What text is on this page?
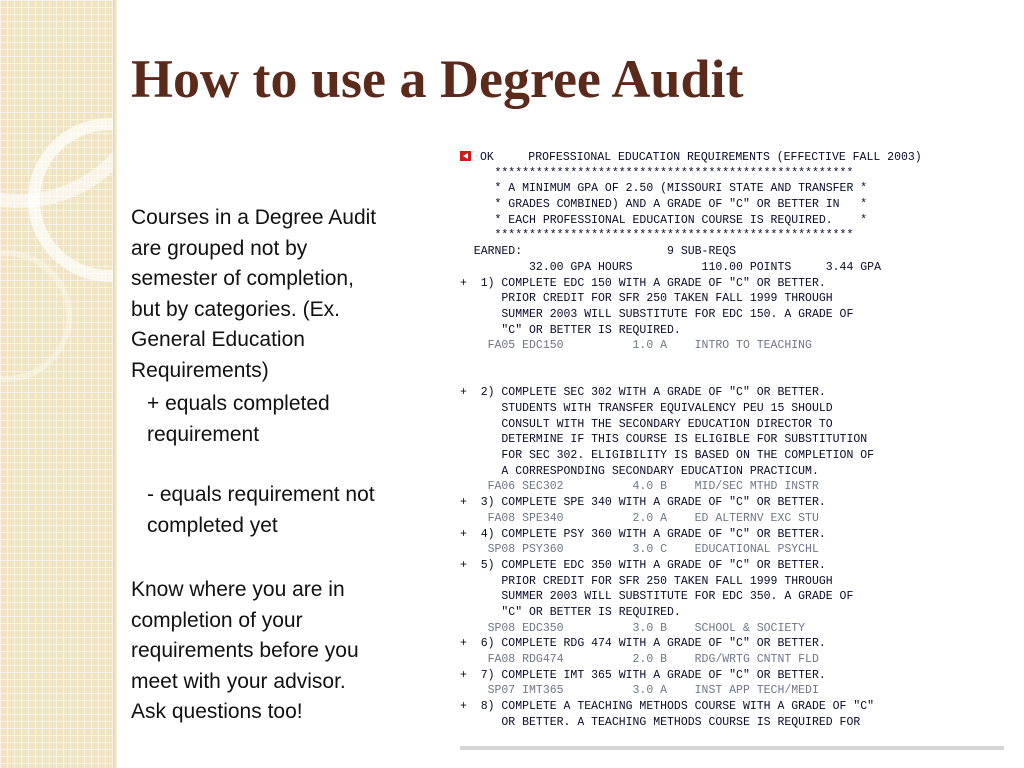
How to use a Degree Audit

Courses in a Degree Audit

are grouped not by

semester of completion,

but by categories. (Ex.

General Education

Requirements)

+ equals completed

requirement

- equals requirement not

completed yet

Know where you are in

completion of your

requirements before you

meet with your advisor.

Ask questions too!

OK     PROFESSIONAL EDUCATION REQUIREMENTS (EFFECTIVE FALL 2003)
****************************************************
* A MINIMUM GPA OF 2.50 (MISSOURI STATE AND TRANSFER *
* GRADES COMBINED) AND A GRADE OF "C" OR BETTER IN   *
* EACH PROFESSIONAL EDUCATION COURSE IS REQUIRED.    *
****************************************************
EARNED:                     9 SUB-REQS
32.00 GPA HOURS          110.00 POINTS     3.44 GPA
+  1) COMPLETE EDC 150 WITH A GRADE OF "C" OR BETTER.
PRIOR CREDIT FOR SFR 250 TAKEN FALL 1999 THROUGH
SUMMER 2003 WILL SUBSTITUTE FOR EDC 150. A GRADE OF
"C" OR BETTER IS REQUIRED.
FA05 EDC150          1.0 A    INTRO TO TEACHING
+  2) COMPLETE SEC 302 WITH A GRADE OF "C" OR BETTER.
STUDENTS WITH TRANSFER EQUIVALENCY PEU 15 SHOULD
CONSULT WITH THE SECONDARY EDUCATION DIRECTOR TO
DETERMINE IF THIS COURSE IS ELIGIBLE FOR SUBSTITUTION
FOR SEC 302. ELIGIBILITY IS BASED ON THE COMPLETION OF
A CORRESPONDING SECONDARY EDUCATION PRACTICUM.
FA06 SEC302          4.0 B    MID/SEC MTHD INSTR
+  3) COMPLETE SPE 340 WITH A GRADE OF "C" OR BETTER.
FA08 SPE340          2.0 A    ED ALTERNV EXC STU
+  4) COMPLETE PSY 360 WITH A GRADE OF "C" OR BETTER.
SP08 PSY360          3.0 C    EDUCATIONAL PSYCHL
+  5) COMPLETE EDC 350 WITH A GRADE OF "C" OR BETTER.
PRIOR CREDIT FOR SFR 250 TAKEN FALL 1999 THROUGH
SUMMER 2003 WILL SUBSTITUTE FOR EDC 350. A GRADE OF
"C" OR BETTER IS REQUIRED.
SP08 EDC350          3.0 B    SCHOOL & SOCIETY
+  6) COMPLETE RDG 474 WITH A GRADE OF "C" OR BETTER.
FA08 RDG474          2.0 B    RDG/WRTG CNTNT FLD
+  7) COMPLETE IMT 365 WITH A GRADE OF "C" OR BETTER.
SP07 IMT365          3.0 A    INST APP TECH/MEDI
+  8) COMPLETE A TEACHING METHODS COURSE WITH A GRADE OF "C"
OR BETTER. A TEACHING METHODS COURSE IS REQUIRED FOR
